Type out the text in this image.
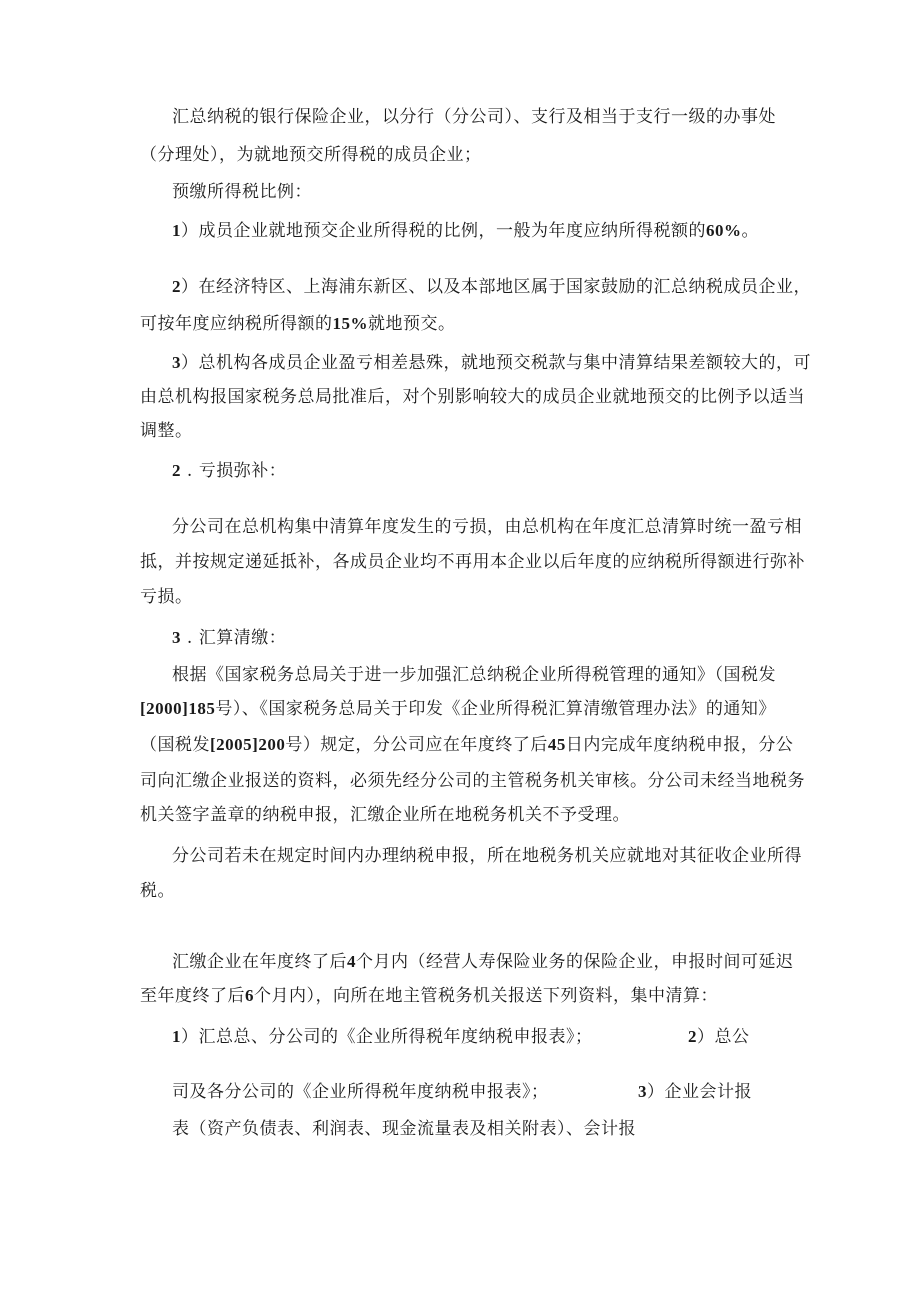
汇总纳税的银行保险企业，以分行（分公司）、支行及相当于支行一级的办事处
（分理处），为就地预交所得税的成员企业；
预缴所得税比例：
1）成员企业就地预交企业所得税的比例，一般为年度应纳所得税额的60%。
2）在经济特区、上海浦东新区、以及本部地区属于国家鼓励的汇总纳税成员企业，
可按年度应纳税所得额的15%就地预交。
3）总机构各成员企业盈亏相差悬殊，就地预交税款与集中清算结果差额较大的，可
由总机构报国家税务总局批准后，对个别影响较大的成员企业就地预交的比例予以适当
调整。
2 . 亏损弥补：
分公司在总机构集中清算年度发生的亏损，由总机构在年度汇总清算时统一盈亏相
抵，并按规定递延抵补，各成员企业均不再用本企业以后年度的应纳税所得额进行弥补
亏损。
3 . 汇算清缴：
根据《国家税务总局关于进一步加强汇总纳税企业所得税管理的通知》（国税发
[2000]185号）、《国家税务总局关于印发《企业所得税汇算清缴管理办法》的通知》
（国税发[2005]200号）规定，分公司应在年度终了后45日内完成年度纳税申报，分公
司向汇缴企业报送的资料，必须先经分公司的主管税务机关审核。分公司未经当地税务
机关签字盖章的纳税申报，汇缴企业所在地税务机关不予受理。
分公司若未在规定时间内办理纳税申报，所在地税务机关应就地对其征收企业所得
税。
汇缴企业在年度终了后4个月内（经营人寿保险业务的保险企业，申报时间可延迟
至年度终了后6个月内），向所在地主管税务机关报送下列资料，集中清算：
1）汇总总、分公司的《企业所得税年度纳税申报表》；	2）总公
司及各分公司的《企业所得税年度纳税申报表》；	3）企业会计报
表（资产负债表、利润表、现金流量表及相关附表）、会计报
